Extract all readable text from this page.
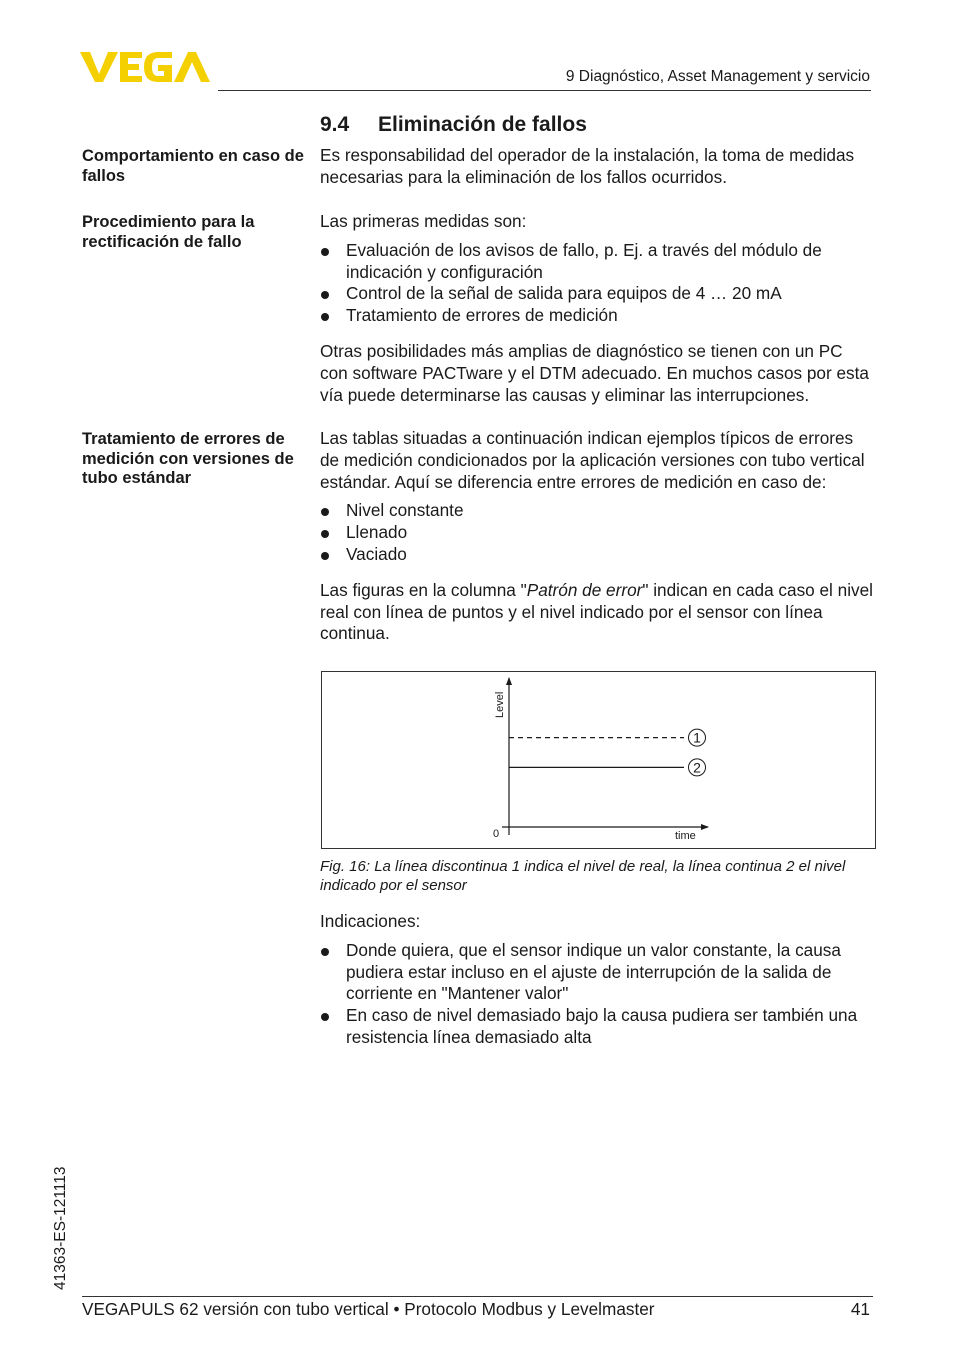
9 Diagnóstico, Asset Management y servicio
9.4 Eliminación de fallos
Comportamiento en caso de fallos

Es responsabilidad del operador de la instalación, la toma de medidas necesarias para la eliminación de los fallos ocurridos.

Procedimiento para la rectificación de fallo

Las primeras medidas son:

Evaluación de los avisos de fallo, p. Ej. a través del módulo de indicación y configuración
Control de la señal de salida para equipos de 4 … 20 mA
Tratamiento de errores de medición

Otras posibilidades más amplias de diagnóstico se tienen con un PC con software PACTware y el DTM adecuado. En muchos casos por esta vía puede determinarse las causas y eliminar las interrupciones.

Tratamiento de errores de medición con versiones de tubo estándar

Las tablas situadas a continuación indican ejemplos típicos de errores de medición condicionados por la aplicación versiones con tubo vertical estándar. Aquí se diferencia entre errores de medición en caso de:

Nivel constante
Llenado
Vaciado

Las figuras en la columna "Patrón de error" indican en cada caso el nivel real con línea de puntos y el nivel indicado por el sensor con línea continua.

Level
time
0
1
2
Fig. 16: La línea discontinua 1 indica el nivel de real, la línea continua 2 el nivel indicado por el sensor

Indicaciones:

Donde quiera, que el sensor indique un valor constante, la causa pudiera estar incluso en el ajuste de interrupción de la salida de corriente en "Mantener valor"
En caso de nivel demasiado bajo la causa pudiera ser también una resistencia línea demasiado alta
41363-ES-121113
VEGAPULS 62 versión con tubo vertical • Protocolo Modbus y Levelmaster	41
